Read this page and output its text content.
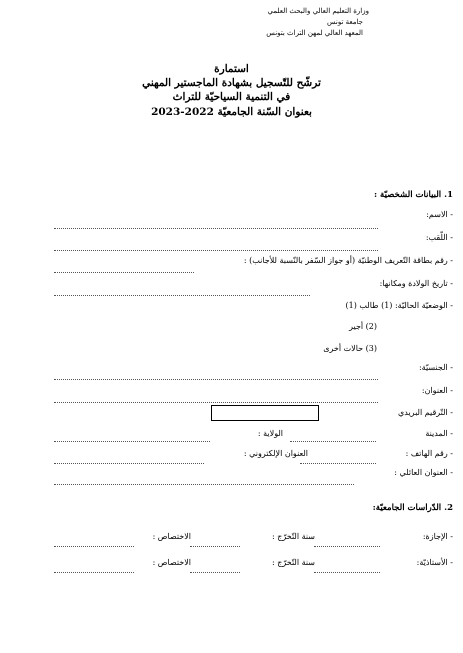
وزارة التعليم العالي والبحث العلمي
جامعة تونس
المعهد العالي لمهن التراث بتونس
استمارة
ترشّح للتّسجيل بشهادة الماجستير المهني
في التنمية السياحيّة للتراث
بعنوان السّنة الجامعيّة 2022-2023
1. البيانات الشخصيّة :
- الاسم:
- اللّقب:
- رقم بطاقة التّعريف الوطنيّة (أو جواز السّفر بالنّسبة للأجانب) :
- تاريخ الولادة ومكانها:
- الوضعيّة الحاليّة: (1) طالب (1)
(2) أجير
(3) حالات أخرى
- الجنسيّة:
- العنوان:
- التّرقيم البريدي
الولاية :	- المدينة
العنوان الإلكتروني :	- رقم الهاتف :
- العنوان العائلي :
2. الدّراسات الجامعيّة:
الاختصاص :	سنة التّخرّج :	- الإجازة:
الاختصاص :	سنة التّخرّج :	- الأستاذيّة:
